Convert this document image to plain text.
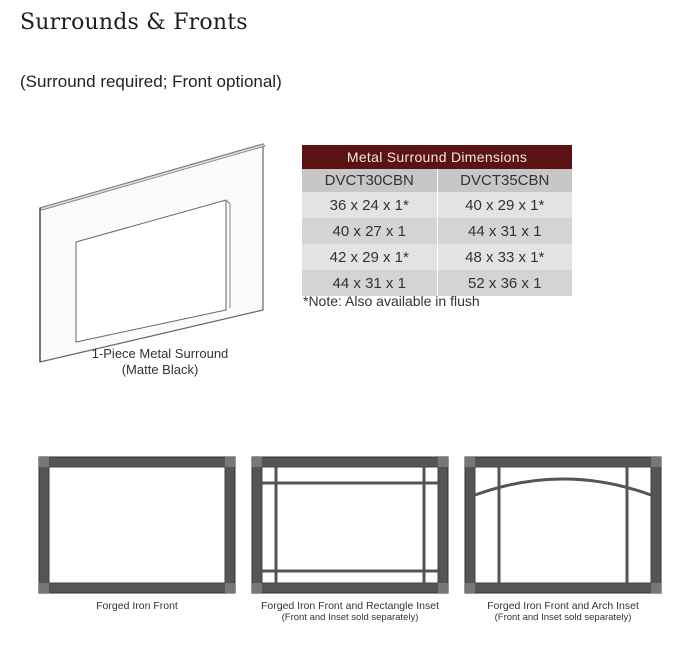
Surrounds & Fronts
(Surround required; Front optional)
1-Piece Metal Surround
(Matte Black)
Metal Surround Dimensions	
DVCT30CBN	DVCT35CBN
36 x 24 x 1*	40 x 29 x 1*
40 x 27 x 1	44 x 31 x 1
42 x 29 x 1*	48 x 33 x 1*
44 x 31 x 1	52 x 36 x 1
*Note: Also available in flush
Forged Iron Front	Forged Iron Front and Rectangle Inset
(Front and Inset sold separately)
Forged Iron Front and Arch Inset
(Front and Inset sold separately)
